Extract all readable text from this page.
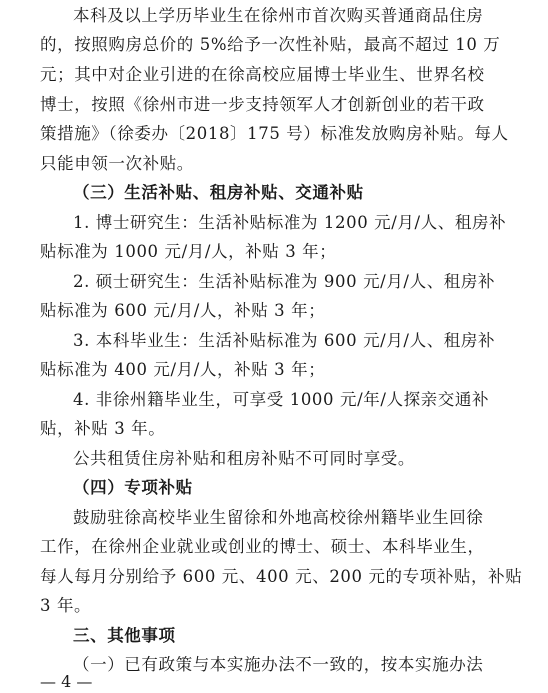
本科及以上学历毕业生在徐州市首次购买普通商品住房
的，按照购房总价的 5%给予一次性补贴，最高不超过 10 万
元；其中对企业引进的在徐高校应届博士毕业生、世界名校
博士，按照《徐州市进一步支持领军人才创新创业的若干政
策措施》（徐委办〔2018〕175 号）标准发放购房补贴。每人
只能申领一次补贴。
（三）生活补贴、租房补贴、交通补贴
1. 博士研究生：生活补贴标准为 1200 元/月/人、租房补
贴标准为 1000 元/月/人，补贴 3 年；
2. 硕士研究生：生活补贴标准为 900 元/月/人、租房补
贴标准为 600 元/月/人，补贴 3 年；
3. 本科毕业生：生活补贴标准为 600 元/月/人、租房补
贴标准为 400 元/月/人，补贴 3 年；
4. 非徐州籍毕业生，可享受 1000 元/年/人探亲交通补
贴，补贴 3 年。
公共租赁住房补贴和租房补贴不可同时享受。
（四）专项补贴
鼓励驻徐高校毕业生留徐和外地高校徐州籍毕业生回徐
工作，在徐州企业就业或创业的博士、硕士、本科毕业生，
每人每月分别给予 600 元、400 元、200 元的专项补贴，补贴
3 年。
三、其他事项
（一）已有政策与本实施办法不一致的，按本实施办法
— 4 —
